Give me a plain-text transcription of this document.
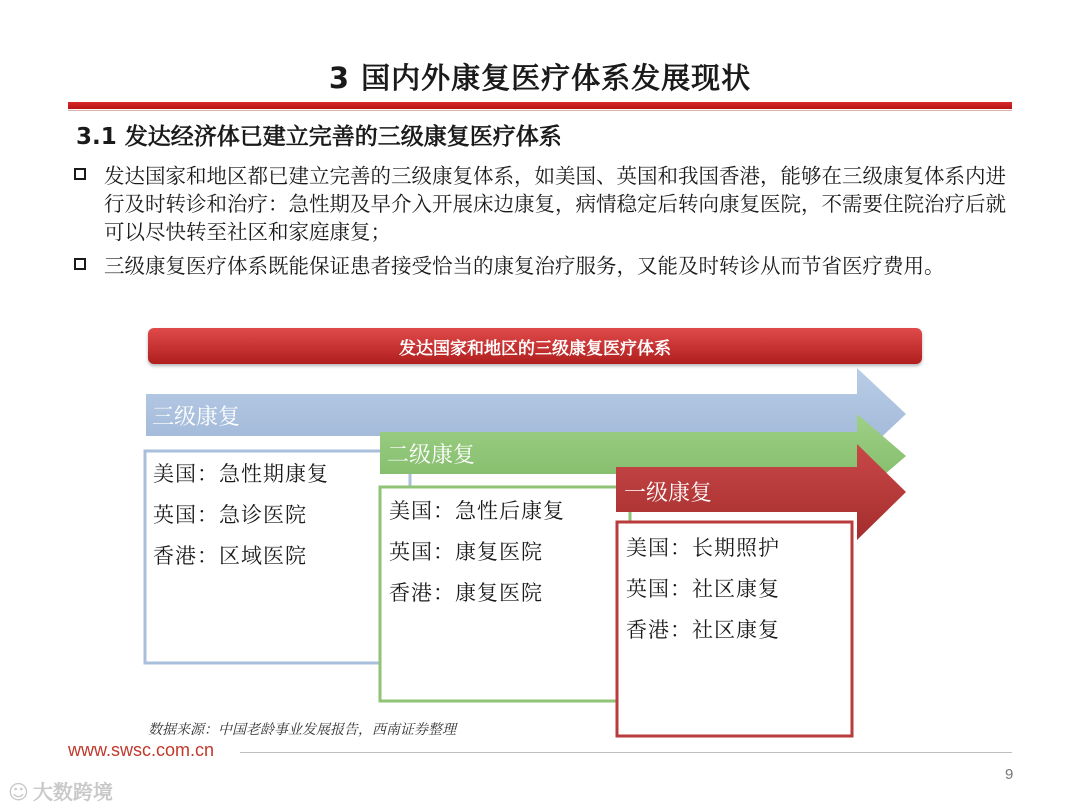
3 国内外康复医疗体系发展现状
3.1 发达经济体已建立完善的三级康复医疗体系
发达国家和地区都已建立完善的三级康复体系，如美国、英国和我国香港，能够在三级康复体系内进行及时转诊和治疗：急性期及早介入开展床边康复，病情稳定后转向康复医院，不需要住院治疗后就可以尽快转至社区和家庭康复；
三级康复医疗体系既能保证患者接受恰当的康复治疗服务，又能及时转诊从而节省医疗费用。
发达国家和地区的三级康复医疗体系
三级康复
二级康复
一级康复
美国：急性期康复
英国：急诊医院
香港：区域医院
美国：急性后康复
英国：康复医院
香港：康复医院
美国：长期照护
英国：社区康复
香港：社区康复
数据来源：中国老龄事业发展报告，西南证券整理
www.swsc.com.cn
9
☺ 大数跨境
